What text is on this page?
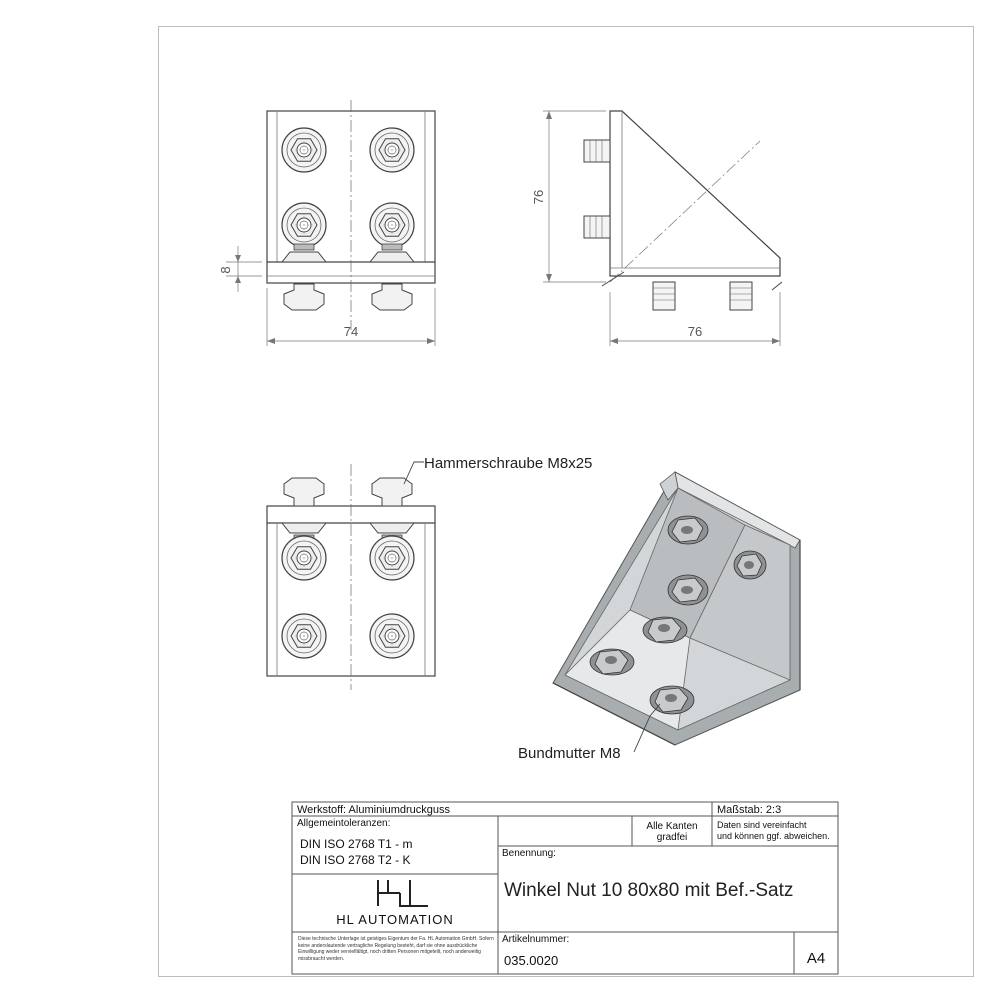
8
74
76
76
Hammerschraube M8x25
Bundmutter M8
Werkstoff: Aluminiumdruckguss	Maßstab: 2:3
Allgemeintoleranzen:
DIN ISO 2768 T1 - m
DIN ISO 2768 T2 - K
Alle Kanten
gradfei
Daten sind vereinfacht
und können ggf. abweichen.
Benennung:
Winkel Nut 10 80x80 mit Bef.-Satz
HL AUTOMATION
Diese technische Unterlage ist geistiges Eigentum der Fa. HL Automation GmbH. Sofern keine anderslautende vertragliche Regelung besteht, darf sie ohne ausdrückliche Einwilligung weder vervielfältigt, noch dritten Personen mitgeteilt, noch anderweitig missbraucht werden.
Artikelnummer:
035.0020	A4
